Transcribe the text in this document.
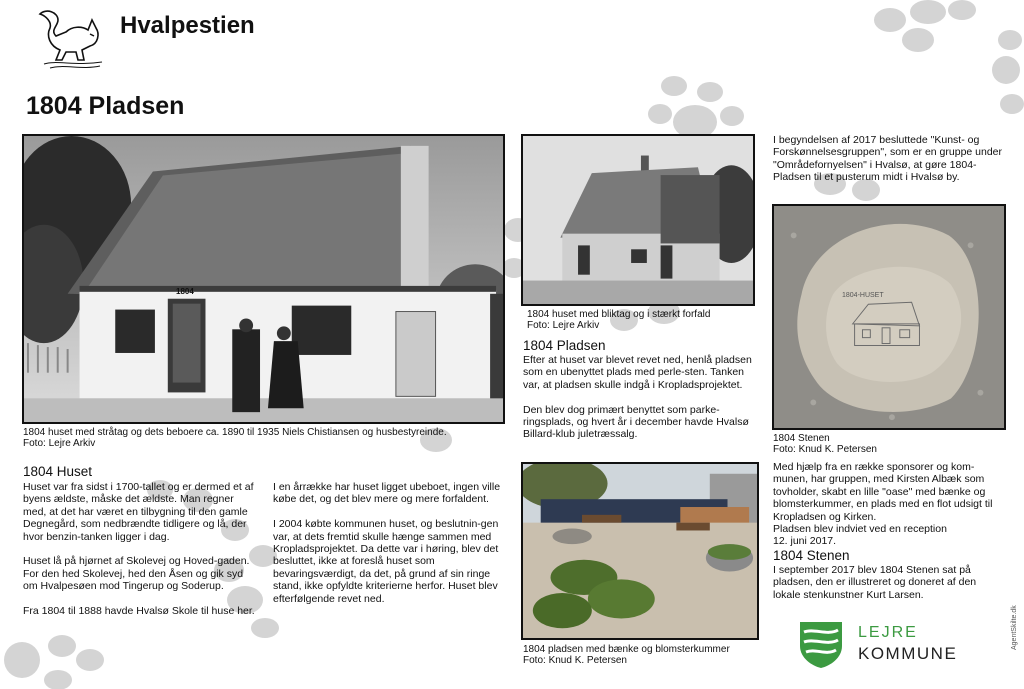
Hvalpestien
1804 Pladsen
1804
1804 huset med stråtag og dets beboere ca. 1890 til 1935 Niels Chistiansen og husbestyreinde.
Foto: Lejre Arkiv
1804 huset med bliktag og i stærkt forfald
Foto: Lejre Arkiv
1804-HUSET
1804 Stenen
Foto: Knud K. Petersen
1804 pladsen med bænke og blomsterkummer
Foto: Knud K. Petersen
1804 Huset

Huset var fra sidst i 1700-tallet og er dermed et af byens ældste, måske det ældste. Man regner med, at det har været en tilbygning til den gamle Degnegård, som nedbrændte tidligere og lå, der hvor benzin-tanken ligger i dag.

Huset lå på hjørnet af Skolevej og Hoved-gaden. For den hed Skolevej, hed den Åsen og gik syd om Hvalpesøen mod Tingerup og Soderup.

Fra 1804 til 1888 havde Hvalsø Skole til huse her.

I en årrække har huset ligget ubeboet, ingen ville købe det, og det blev mere og mere forfaldent.

I 2004 købte kommunen huset, og beslutnin-gen var, at dets fremtid skulle hænge sammen med Kropladsprojektet. Da dette var i høring, blev det besluttet, ikke at foreslå huset som bevaringsværdigt, da det, på grund af sin ringe stand, ikke opfyldte kriterierne herfor. Huset blev efterfølgende revet ned.

1804 Pladsen

Efter at huset var blevet revet ned, henlå pladsen som en ubenyttet plads med perle-sten. Tanken var, at pladsen skulle indgå i Kropladsprojektet.

Den blev dog primært benyttet som parke-ringsplads, og hvert år i december havde Hvalsø Billard-klub juletræssalg.

I begyndelsen af 2017 besluttede "Kunst- og Forskønnelsesgruppen", som er en gruppe under "Områdefornyelsen" i Hvalsø, at gøre 1804-Pladsen til et pusterum midt i Hvalsø by.

Med hjælp fra en række sponsorer og kom-munen, har gruppen, med Kirsten Albæk som tovholder, skabt en lille "oase" med bænke og blomsterkummer, en plads med en flot udsigt til Kropladsen og Kirken.

Pladsen blev indviet ved en reception

12. juni 2017.

1804 Stenen

I september 2017 blev 1804 Stenen sat på pladsen, den er illustreret og doneret af den lokale stenkunstner Kurt Larsen.

LEJRE
KOMMUNE
AgentSkilte.dk
